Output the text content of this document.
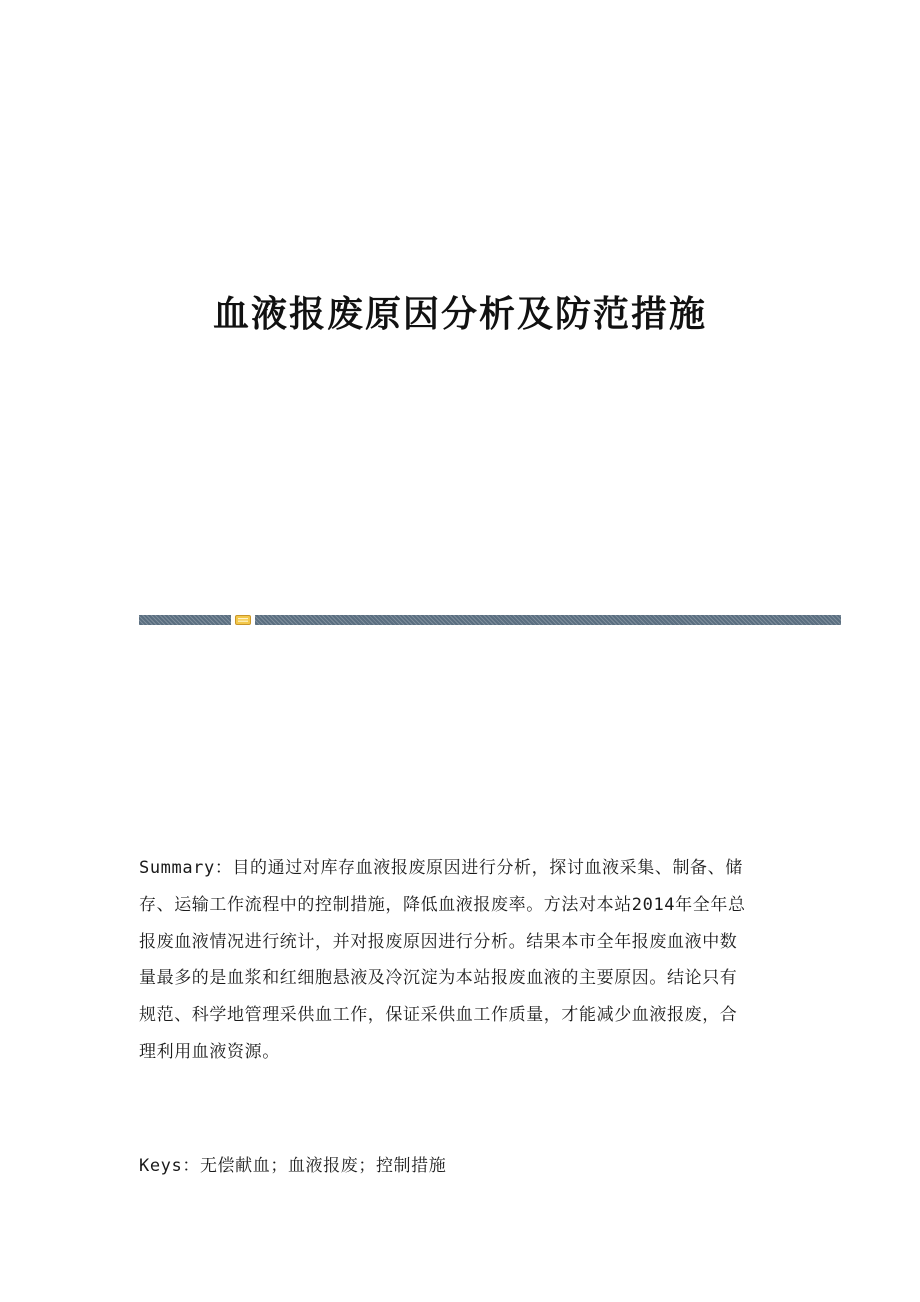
血液报废原因分析及防范措施
Summary：目的通过对库存血液报废原因进行分析，探讨血液采集、制备、储
存、运输工作流程中的控制措施，降低血液报废率。方法对本站2014年全年总
报废血液情况进行统计，并对报废原因进行分析。结果本市全年报废血液中数
量最多的是血浆和红细胞悬液及冷沉淀为本站报废血液的主要原因。结论只有
规范、科学地管理采供血工作，保证采供血工作质量，才能减少血液报废，合
理利用血液资源。
Keys：无偿献血；血液报废；控制措施
